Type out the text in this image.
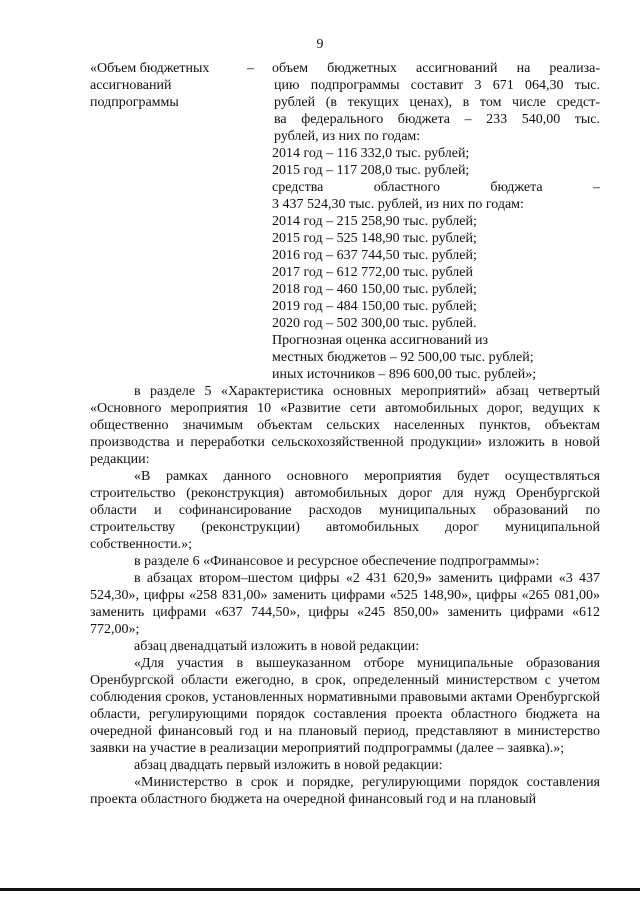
9
«Объем бюджетных
ассигнований
подпрограммы
– объем бюджетных ассигнований на реализа-
цию подпрограммы составит 3 671 064,30 тыс.
рублей (в текущих ценах), в том числе средст-
ва федерального бюджета – 233 540,00 тыс.
рублей, из них по годам:
2014 год – 116 332,0 тыс. рублей;
2015 год – 117 208,0 тыс. рублей;
средства областного бюджета –
3 437 524,30 тыс. рублей, из них по годам:
2014 год – 215 258,90 тыс. рублей;
2015 год – 525 148,90 тыс. рублей;
2016 год – 637 744,50 тыс. рублей;
2017 год – 612 772,00 тыс. рублей
2018 год – 460 150,00 тыс. рублей;
2019 год – 484 150,00 тыс. рублей;
2020 год – 502 300,00 тыс. рублей.
Прогнозная оценка ассигнований из
местных бюджетов – 92 500,00 тыс. рублей;
иных источников – 896 600,00 тыс. рублей»;

в разделе 5 «Характеристика основных мероприятий» абзац четвертый «Основного мероприятия 10 «Развитие сети автомобильных дорог, ведущих к общественно значимым объектам сельских населенных пунктов, объектам производства и переработки сельскохозяйственной продукции» изложить в новой редакции:

«В рамках данного основного мероприятия будет осуществляться строительство (реконструкция) автомобильных дорог для нужд Оренбургской области и софинансирование расходов муниципальных образований по строительству (реконструкции) автомобильных дорог муниципальной собственности.»;

в разделе 6 «Финансовое и ресурсное обеспечение подпрограммы»:

в абзацах втором–шестом цифры «2 431 620,9» заменить цифрами «3 437 524,30», цифры «258 831,00» заменить цифрами «525 148,90», цифры «265 081,00» заменить цифрами «637 744,50», цифры «245 850,00» заменить цифрами «612 772,00»;

абзац двенадцатый изложить в новой редакции:

«Для участия в вышеуказанном отборе муниципальные образования Оренбургской области ежегодно, в срок, определенный министерством с учетом соблюдения сроков, установленных нормативными правовыми актами Оренбургской области, регулирующими порядок составления проекта областного бюджета на очередной финансовый год и на плановый период, представляют в министерство заявки на участие в реализации мероприятий подпрограммы (далее – заявка).»;

абзац двадцать первый изложить в новой редакции:

«Министерство в срок и порядке, регулирующими порядок составления проекта областного бюджета на очередной финансовый год и на плановый
